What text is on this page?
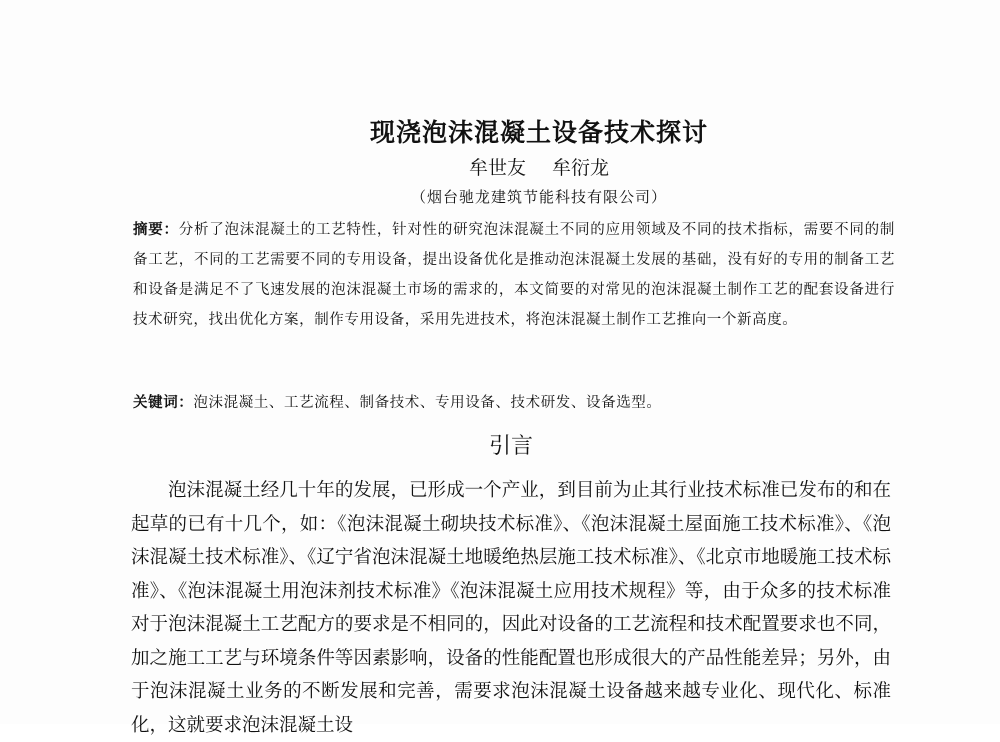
现浇泡沫混凝土设备技术探讨
牟世友 牟衍龙
（烟台驰龙建筑节能科技有限公司）
摘要：分析了泡沫混凝土的工艺特性，针对性的研究泡沫混凝土不同的应用领域及不同的技术指标，需要不同的制备工艺，不同的工艺需要不同的专用设备，提出设备优化是推动泡沫混凝土发展的基础，没有好的专用的制备工艺和设备是满足不了飞速发展的泡沫混凝土市场的需求的，本文简要的对常见的泡沫混凝土制作工艺的配套设备进行技术研究，找出优化方案，制作专用设备，采用先进技术，将泡沫混凝土制作工艺推向一个新高度。
关键词：泡沫混凝土、工艺流程、制备技术、专用设备、技术研发、设备选型。
引言
泡沫混凝土经几十年的发展，已形成一个产业，到目前为止其行业技术标准已发布的和在起草的已有十几个，如：《泡沫混凝土砌块技术标准》、《泡沫混凝土屋面施工技术标准》、《泡沫混凝土技术标准》、《辽宁省泡沫混凝土地暖绝热层施工技术标准》、《北京市地暖施工技术标准》、《泡沫混凝土用泡沫剂技术标准》《泡沫混凝土应用技术规程》等，由于众多的技术标准对于泡沫混凝土工艺配方的要求是不相同的，因此对设备的工艺流程和技术配置要求也不同，加之施工工艺与环境条件等因素影响，设备的性能配置也形成很大的产品性能差异；另外，由于泡沫混凝土业务的不断发展和完善，需要求泡沫混凝土设备越来越专业化、现代化、标准化，这就要求泡沫混凝土设
